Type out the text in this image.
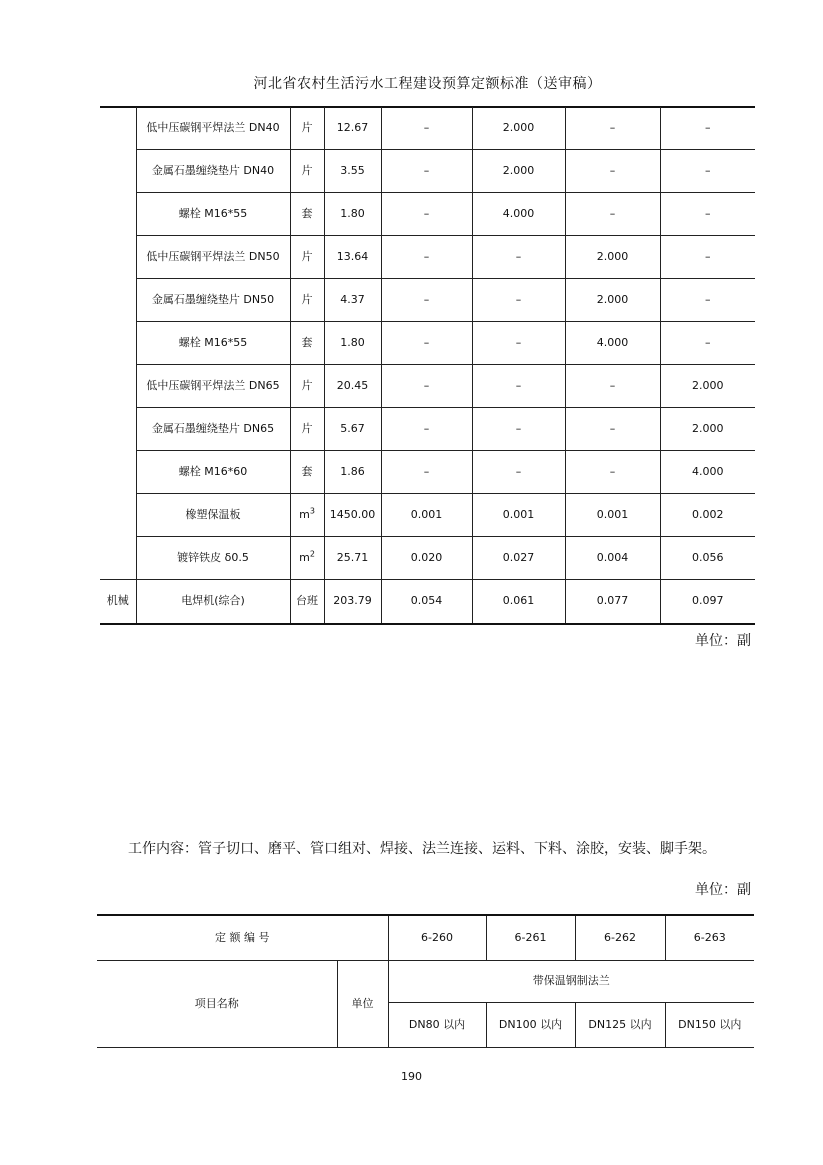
河北省农村生活污水工程建设预算定额标准（送审稿）
	低中压碳钢平焊法兰 DN40	片	12.67	–	2.000	–	–
	金属石墨缠绕垫片 DN40	片	3.55	–	2.000	–	–
	螺栓 M16*55	套	1.80	–	4.000	–	–
	低中压碳钢平焊法兰 DN50	片	13.64	–	–	2.000	–
	金属石墨缠绕垫片 DN50	片	4.37	–	–	2.000	–
	螺栓 M16*55	套	1.80	–	–	4.000	–
	低中压碳钢平焊法兰 DN65	片	20.45	–	–	–	2.000
	金属石墨缠绕垫片 DN65	片	5.67	–	–	–	2.000
	螺栓 M16*60	套	1.86	–	–	–	4.000
	橡塑保温板	$m^3$	1450.00	0.001	0.001	0.001	0.002
	镀锌铁皮 δ0.5	$m^2$	25.71	0.020	0.027	0.004	0.056
机械	电焊机(综合)	台班	203.79	0.054	0.061	0.077	0.097
单位：副
工作内容：管子切口、磨平、管口组对、焊接、法兰连接、运料、下料、涂胶，安装、脚手架。
单位：副
定 额 编 号		6-260	6-261	6-262	6-263
项目名称	单位	带保温钢制法兰			
		DN80 以内	DN100 以内	DN125 以内	DN150 以内
190
